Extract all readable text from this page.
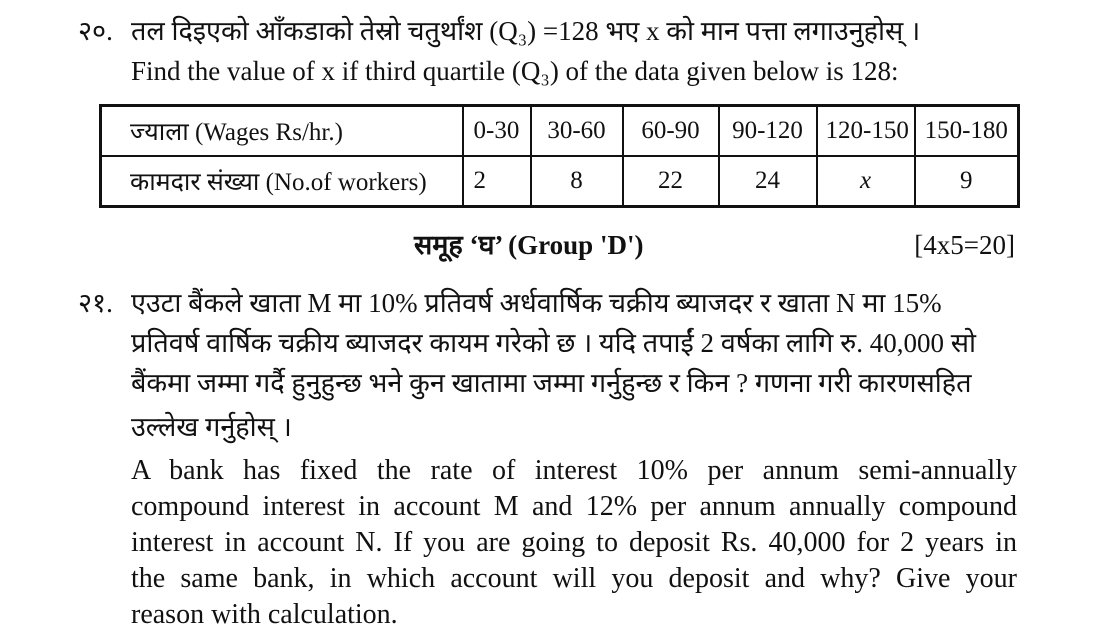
२०. तल दिइएको आँकडाको तेस्रो चतुर्थांश (Q₃) =128 भए x को मान पत्ता लगाउनुहोस् ।
Find the value of x if third quartile (Q₃) of the data given below is 128:
ज्याला (Wages Rs/hr.)	0-30	30-60	60-90	90-120	120-150	150-180
कामदार संख्या (No.of workers)	2	8	22	24	x	9
समूह ‘घ’ (Group 'D')	[4x5=20]
२१. एउटा बैंकले खाता M मा 10% प्रतिवर्ष अर्धवार्षिक चक्रीय ब्याजदर र खाता N मा 15%
प्रतिवर्ष वार्षिक चक्रीय ब्याजदर कायम गरेको छ । यदि तपाईं 2 वर्षका लागि रु. 40,000 सो
बैंकमा जम्मा गर्दै हुनुहुन्छ भने कुन खातामा जम्मा गर्नुहुन्छ र किन ? गणना गरी कारणसहित
उल्लेख गर्नुहोस् ।
A bank has fixed the rate of interest 10% per annum semi-annually
compound interest in account M and 12% per annum annually compound
interest in account N. If you are going to deposit Rs. 40,000 for 2 years in
the same bank, in which account will you deposit and why? Give your
reason with calculation.
